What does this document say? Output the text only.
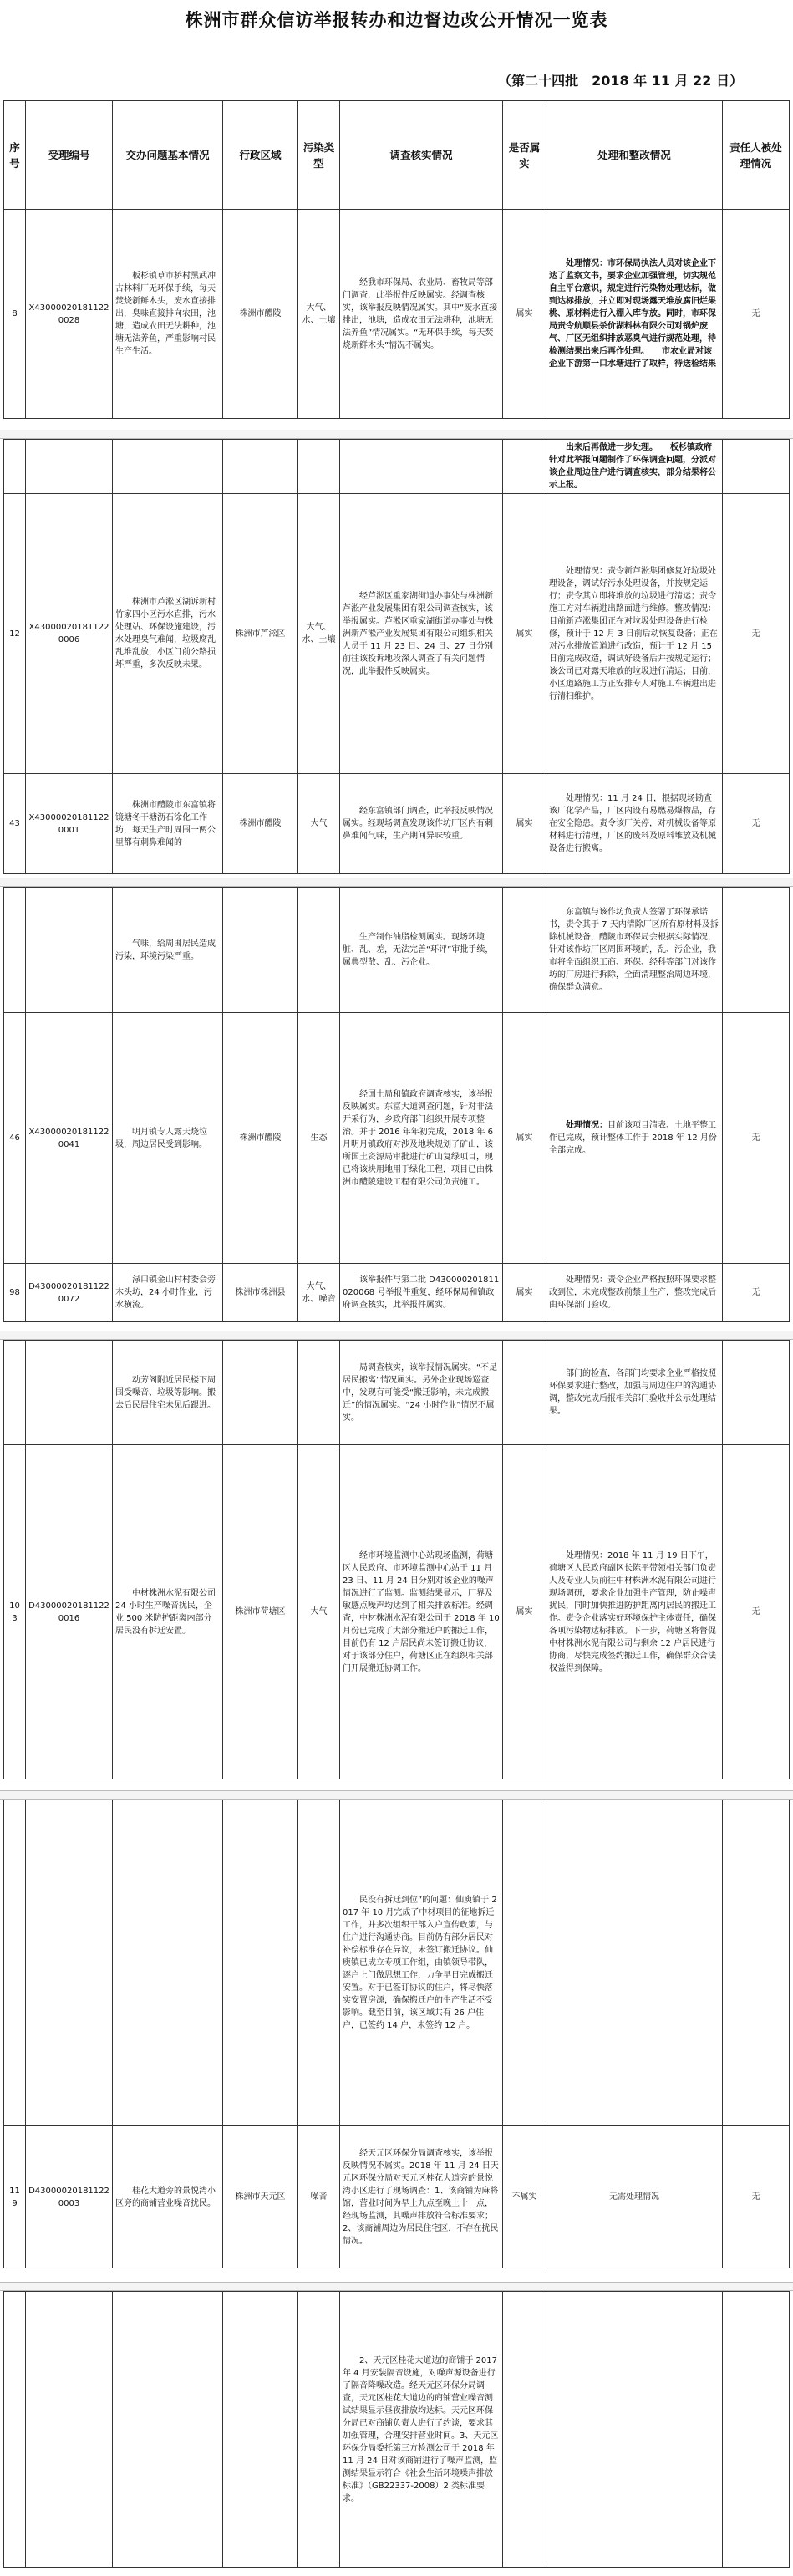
株洲市群众信访举报转办和边督边改公开情况一览表
（第二十四批　2018 年 11 月 22 日）
序号	受理编号	交办问题基本情况	行政区域	污染类型	调查核实情况	是否属实	处理和整改情况	责任人被处理情况
8	X430000201811220028	板杉镇草市桥村黑武冲古林料厂无环保手续，每天焚烧新鲜木头，废水直接排出，臭味直接排向农田，池塘，造成农田无法耕种，池塘无法养鱼，严重影响村民生产生活。	株洲市醴陵	大气、水、土壤	经我市环保局、农业局、畜牧局等部门调查，此举报件反映属实。经调查核实，该举报反映情况属实。其中“废水直接排出，池塘，造成农田无法耕种，池塘无法养鱼”情况属实。“无环保手续，每天焚烧新鲜木头”情况不属实。	属实	处理情况：市环保局执法人员对该企业下达了监察文书，要求企业加强管理，切实规范自主平台意识，规定进行污染物处理达标，做到达标排放，并立即对现场露天堆放腐旧烂果桃、原材料进行入棚入库存放。同时，市环保局责令航顺县杀价湖料林有限公司对锅炉废气、厂区无组织排放恶臭气进行规范处理，待检测结果出来后再作处理。　　市农业局对该企业下游第一口水塘进行了取样，待送检结果	无
							出来后再做进一步处理。　　板杉镇政府针对此举报问题制作了环保调查问题，分派对该企业周边住户进行调查核实，部分结果将公示上报。	
12	X430000201811220006	株洲市芦淞区湖诉新村竹家四小区污水直排，污水处理站、环保设施建设，污水处理臭气难闻，垃圾腐乱乱堆乱放，小区门前公路损坏严重，多次反映未果。	株洲市芦淞区	大气、水、土壤	经芦淞区重家湖街道办事处与株洲新芦淞产业发展集团有限公司调查核实，该举报属实。芦淞区重家湖街道办事处与株洲新芦淞产业发展集团有限公司组织相关人员于 11 月 23 日、24 日、27 日分别前往该投诉地段深入调查了有关问题情况，此举报件反映属实。	属实	处理情况：责令新芦淞集团修复好垃圾处理设备，调试好污水处理设备，并按规定运行；责令其立即将堆放的垃圾进行清运；责令施工方对车辆进出路面进行维修。整改情况：目前新芦淞集团正在对垃圾处理设备进行检修，预计于 12 月 3 日前后动恢复设备；正在对污水排放管道进行改造，预计于 12 月 15 日前完成改造，调试好设备后并按规定运行；该公司已对露天堆放的垃圾进行清运；目前，小区道路施工方正安排专人对施工车辆进出进行清扫维护。	无
43	X430000201811220001	株洲市醴陵市东富镇将镜塘冬干塘沥石涂化工作坊，每天生产时周围一两公里都有刺鼻难闻的	株洲市醴陵	大气	经东富镇部门调查，此举报反映情况属实。经现场调查发现该作坊厂区内有刺鼻难闻气味，生产期间异味较重。	属实	处理情况：11 月 24 日，根据现场勘查该厂化学产品，厂区内设有易燃易爆物品，存在安全隐患。责令该厂关停，对机械设备等原材料进行清理，厂区的废料及原料堆放及机械设备进行搬离。	无
		气味，给周围居民造成污染，环境污染严重。			生产制作油脂检测属实。现场环境脏、乱、差，无法完善“环评”审批手续，属典型散、乱、污企业。		东富镇与该作坊负责人签署了环保承诺书，责令其于 7 天内清除厂区所有原材料及拆除机械设备，醴陵市环保局会根据实际情况，针对该作坊厂区周围环境的，乱、污企业，我市将全面组织工商、环保、经科等部门对该作坊的厂房进行拆除，全面清理整治周边环境，确保群众满意。	
46	X430000201811220041	明月镇专人露天烧垃圾，周边居民受到影响。	株洲市醴陵	生态	经国土局和镇政府调查核实，该举报反映属实。东富大道调查问题，针对非法开采行为，乡政府部门组织开展专项整治。并于 2016 年年初完成，2018 年 6 月明月镇政府对涉及地块规划了矿山，该所国土资源局审批进行矿山复绿项目，现已将该块用地用于绿化工程，项目已由株洲市醴陵建设工程有限公司负责施工。	属实	处理情况：目前该项目清表、土地平整工作已完成，预计整体工作于 2018 年 12 月份全部完成。	无
98	D430000201811220072	渌口镇金山村村委会旁木头坊，24 小时作业，污水横流。	株洲市株洲县	大气、水、噪音	该举报件与第二批 D430000201811020068 号举报件重复，经环保局和镇政府调查核实，此举报件属实。	属实	处理情况：责令企业严格按照环保要求整改到位，未完成整改前禁止生产，整改完成后由环保部门验收。	无
		动芳阁附近居民楼下周围受噪音、垃圾等影响。搬去后民居住宅未见后跟进。			局调查核实，该举报情况属实。“不足居民搬离”情况属实。另外企业现场巡查中，发现有可能受“搬迁影响，未完成搬迁”的情况属实。“24 小时作业”情况不属实。		部门的检查，各部门均要求企业严格按照环保要求进行整改，加强与周边住户的沟通协调，整改完成后报相关部门验收并公示处理结果。	
103	D430000201811220016	中材株洲水泥有限公司 24 小时生产噪音扰民，企业 500 米防护距离内部分居民没有拆迁安置。	株洲市荷塘区	大气	经市环境监测中心站现场监测，荷塘区人民政府、市环境监测中心站于 11 月 23 日、11 月 24 日分别对该企业的噪声情况进行了监测。监测结果显示，厂界及敏感点噪声均达到了相关排放标准。经调查，中材株洲水泥有限公司于 2018 年 10 月份已完成了大部分搬迁户的搬迁工作，目前仍有 12 户居民尚未签订搬迁协议，对于该部分住户，荷塘区正在组织相关部门开展搬迁协调工作。	属实	处理情况：2018 年 11 月 19 日下午，荷塘区人民政府副区长陈平带领相关部门负责人及专业人员前往中材株洲水泥有限公司进行现场调研，要求企业加强生产管理，防止噪声扰民，同时加快推进防护距离内居民的搬迁工作。责令企业落实好环境保护主体责任，确保各项污染物达标排放。下一步，荷塘区将督促中材株洲水泥有限公司与剩余 12 户居民进行协商，尽快完成签约搬迁工作，确保群众合法权益得到保障。	无
					民没有拆迁到位”的问题：仙庾镇于 2017 年 10 月完成了中材项目的征地拆迁工作，并多次组织干部入户宣传政策，与住户进行沟通协商。目前仍有部分居民对补偿标准存在异议，未签订搬迁协议。仙庾镇已成立专项工作组，由镇领导带队，逐户上门做思想工作，力争早日完成搬迁安置。对于已签订协议的住户，将尽快落实安置房源，确保搬迁户的生产生活不受影响。截至目前，该区域共有 26 户住户，已签约 14 户，未签约 12 户。			
119	D430000201811220003	桂花大道旁的景悦湾小区旁的商铺营业噪音扰民。	株洲市天元区	噪音	经天元区环保分局调查核实，该举报反映情况不属实。2018 年 11 月 24 日天元区环保分局对天元区桂花大道旁的景悦湾小区进行了现场调查：1、该商铺为麻将馆，营业时间为早上九点至晚上十一点，经现场监测，其噪声排放符合标准要求；2、该商铺周边为居民住宅区，不存在扰民情况。	不属实	无需处理情况	无
					2、天元区桂花大道边的商铺于 2017 年 4 月安装隔音设施，对噪声源设备进行了隔音降噪改造。经天元区环保分局调查，天元区桂花大道边的商铺营业噪音测试结果显示昼夜排放均达标。天元区环保分局已对商铺负责人进行了约谈，要求其加强管理，合理安排营业时间。3、天元区环保分局委托第三方检测公司于 2018 年 11 月 24 日对该商铺进行了噪声监测，监测结果显示符合《社会生活环境噪声排放标准》（GB22337-2008）2 类标准要求。			
